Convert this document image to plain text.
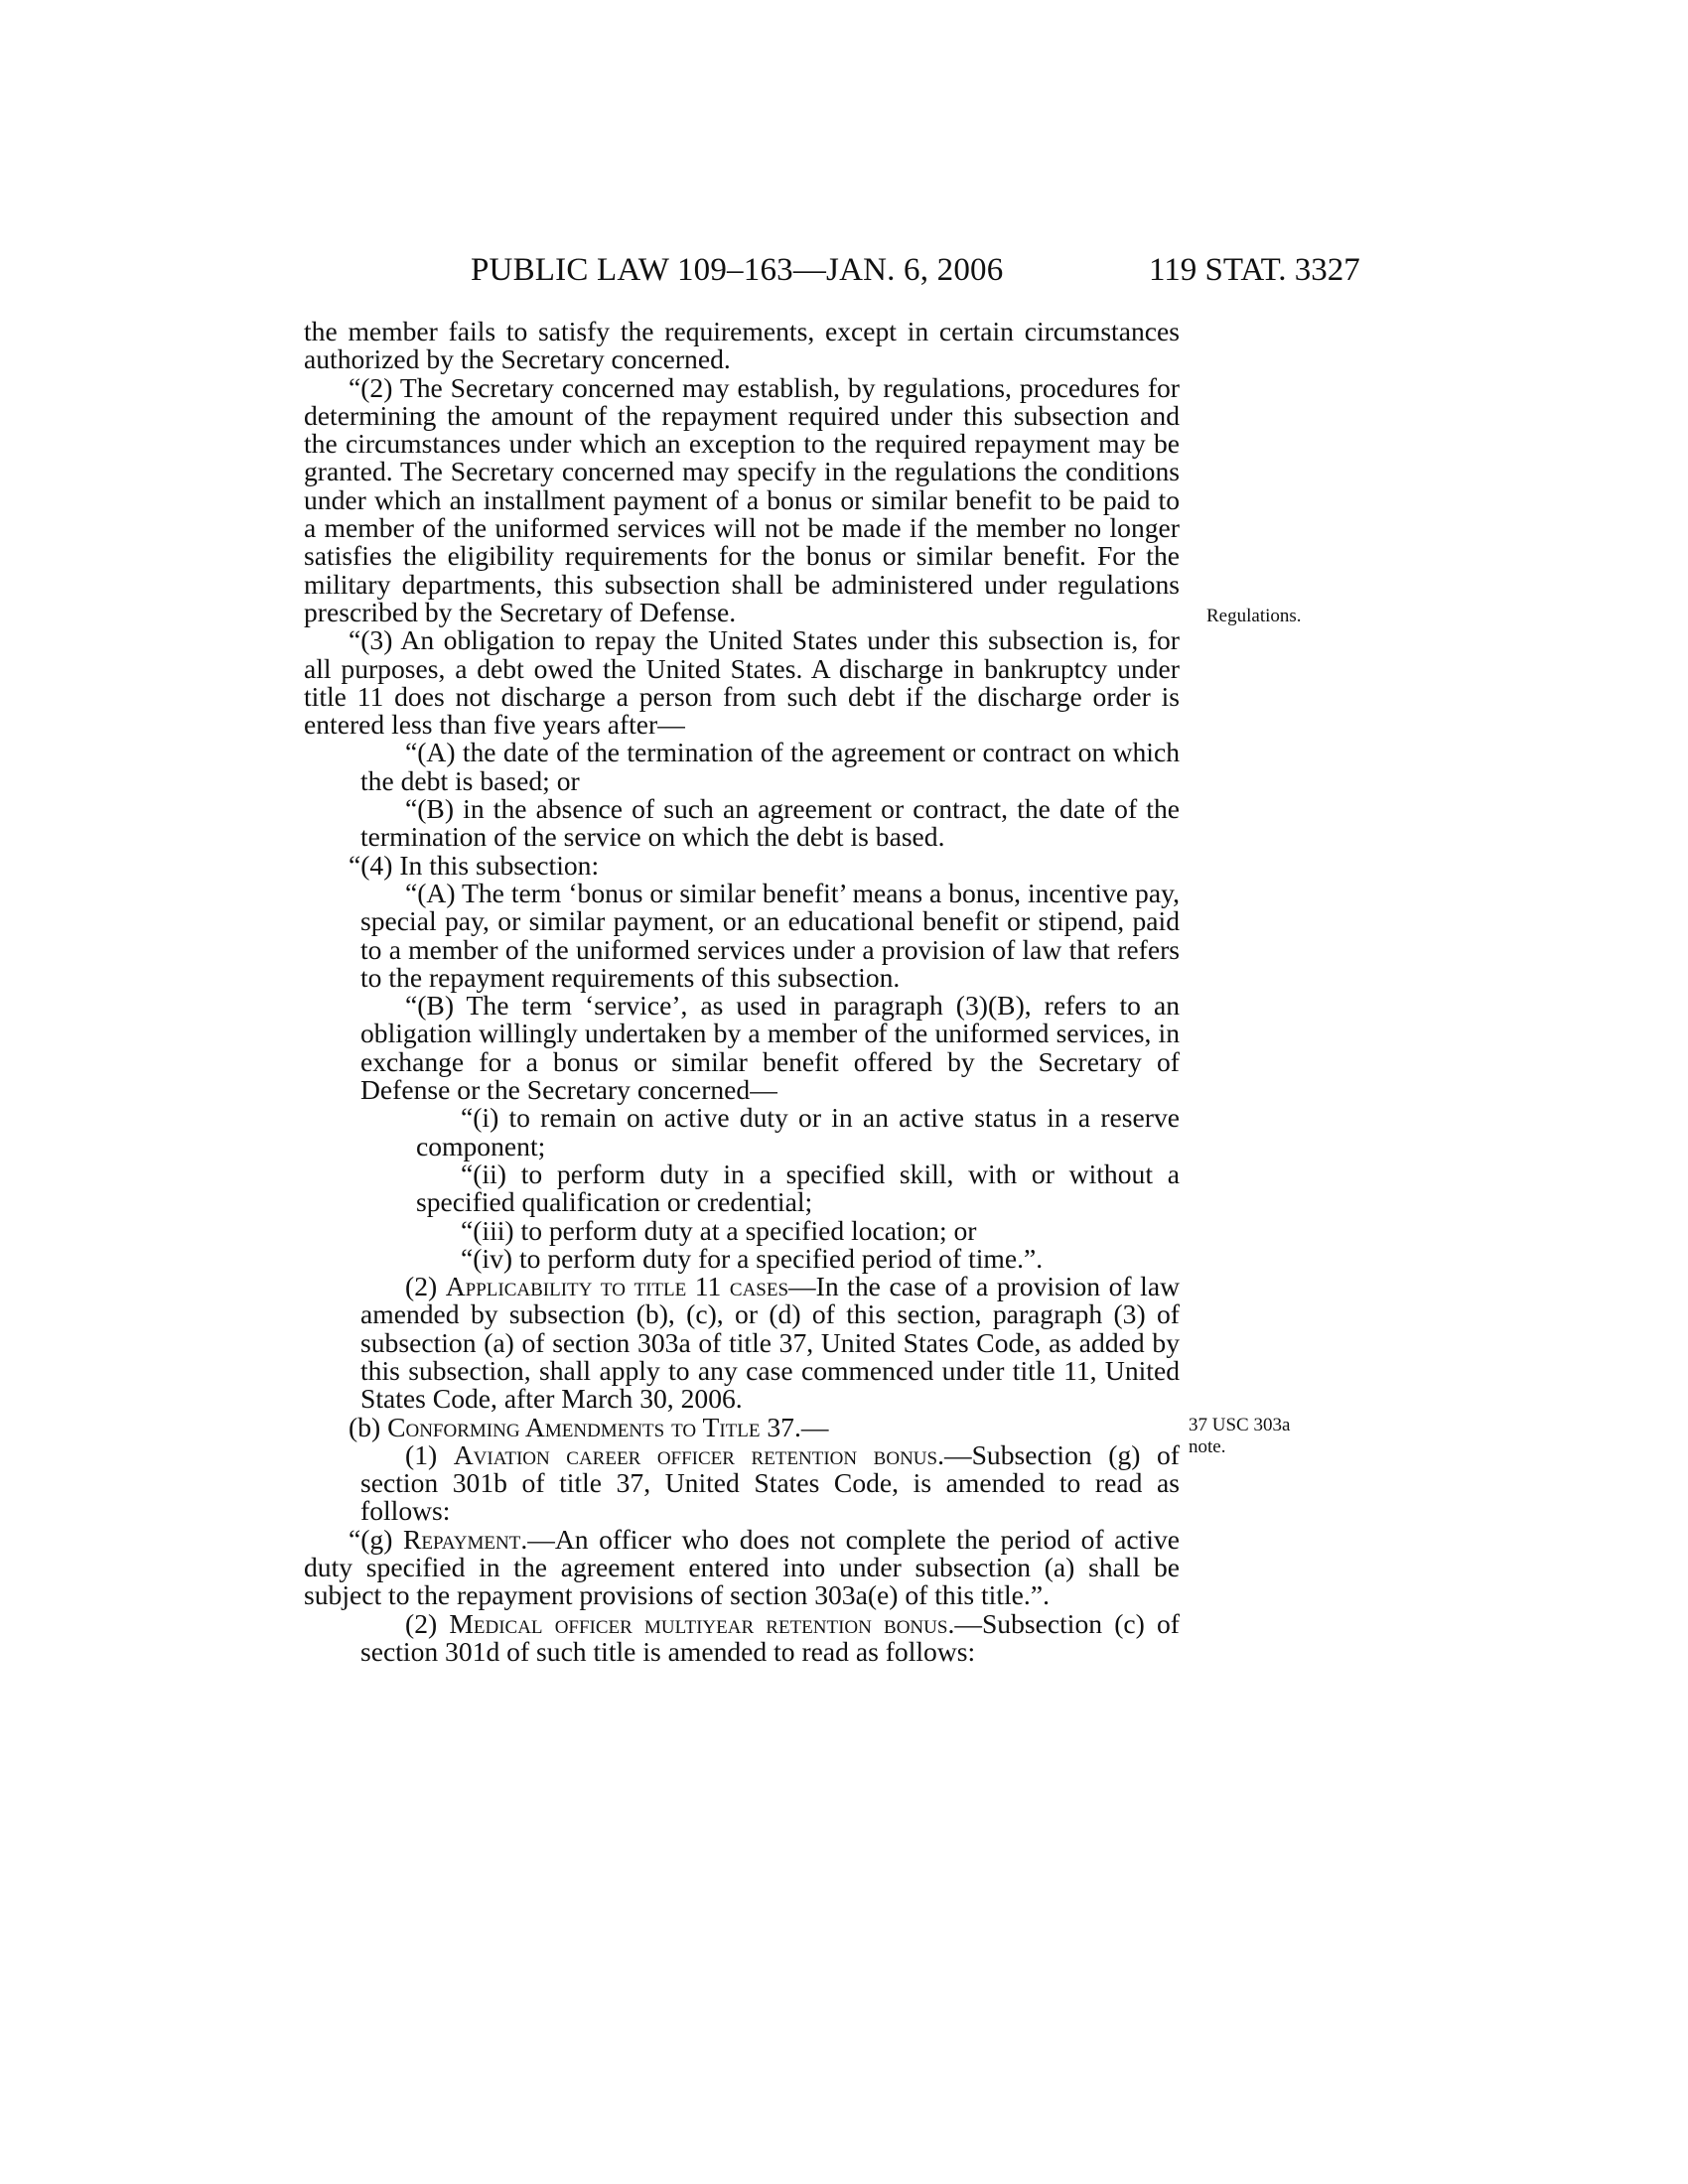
PUBLIC LAW 109–163—JAN. 6, 2006	119 STAT. 3327
Regulations.
37 USC 303a
note.

the member fails to satisfy the requirements, except in certain circumstances authorized by the Secretary concerned.

“(2) The Secretary concerned may establish, by regulations, procedures for determining the amount of the repayment required under this subsection and the circumstances under which an exception to the required repayment may be granted. The Secretary concerned may specify in the regulations the conditions under which an installment payment of a bonus or similar benefit to be paid to a member of the uniformed services will not be made if the member no longer satisfies the eligibility requirements for the bonus or similar benefit. For the military departments, this subsection shall be administered under regulations prescribed by the Secretary of Defense.

“(3) An obligation to repay the United States under this subsection is, for all purposes, a debt owed the United States. A discharge in bankruptcy under title 11 does not discharge a person from such debt if the discharge order is entered less than five years after—

“(A) the date of the termination of the agreement or contract on which the debt is based; or

“(B) in the absence of such an agreement or contract, the date of the termination of the service on which the debt is based.

“(4) In this subsection:

“(A) The term ‘bonus or similar benefit’ means a bonus, incentive pay, special pay, or similar payment, or an educational benefit or stipend, paid to a member of the uniformed services under a provision of law that refers to the repayment requirements of this subsection.

“(B) The term ‘service’, as used in paragraph (3)(B), refers to an obligation willingly undertaken by a member of the uniformed services, in exchange for a bonus or similar benefit offered by the Secretary of Defense or the Secretary concerned—

“(i) to remain on active duty or in an active status in a reserve component;

“(ii) to perform duty in a specified skill, with or without a specified qualification or credential;

“(iii) to perform duty at a specified location; or

“(iv) to perform duty for a specified period of time.”.

(2) Applicability to title 11 cases—In the case of a provision of law amended by subsection (b), (c), or (d) of this section, paragraph (3) of subsection (a) of section 303a of title 37, United States Code, as added by this subsection, shall apply to any case commenced under title 11, United States Code, after March 30, 2006.

(b) Conforming Amendments to Title 37.—

(1) Aviation career officer retention bonus.—Subsection (g) of section 301b of title 37, United States Code, is amended to read as follows:

“(g) Repayment.—An officer who does not complete the period of active duty specified in the agreement entered into under subsection (a) shall be subject to the repayment provisions of section 303a(e) of this title.”.

(2) Medical officer multiyear retention bonus.—Subsection (c) of section 301d of such title is amended to read as follows:
